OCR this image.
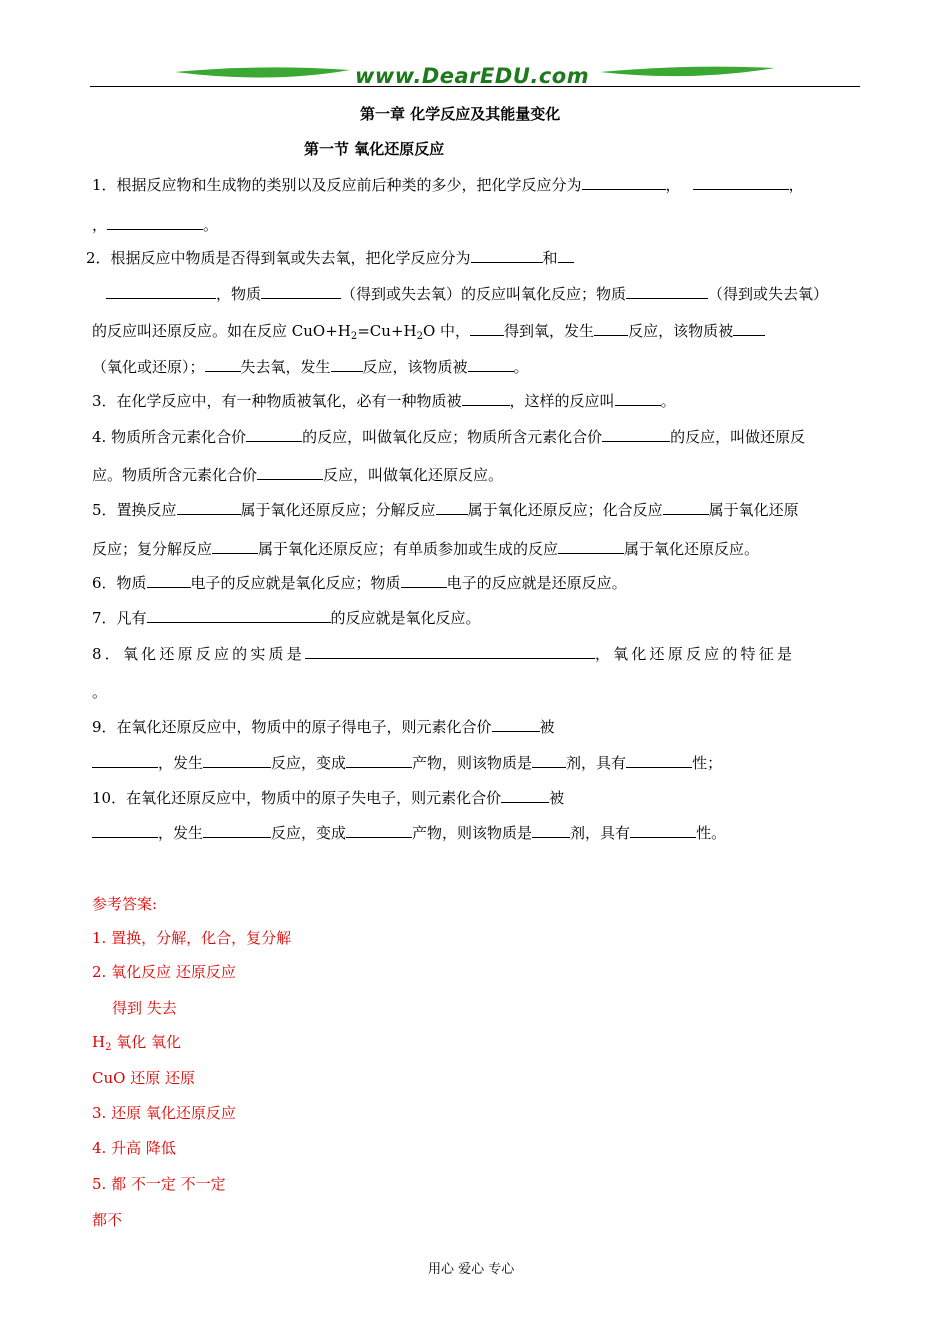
www.DearEDU.com
第一章 化学反应及其能量变化
第一节 氧化还原反应
1．根据反应物和生成物的类别以及反应前后种类的多少，把化学反应分为	，	，
，	。
2．根据反应中物质是否得到氧或失去氧，把化学反应分为	和
，物质	（得到或失去氧）的反应叫氧化反应；物质	（得到或失去氧）
的反应叫还原反应。如在反应 $CuO+H_2=Cu+H_2O$ 中， 得到氧，发生 反应，该物质被
（氧化或还原）； 失去氧，发生 反应，该物质被	。
3．在化学反应中，有一种物质被氧化，必有一种物质被	，这样的反应叫	。
4. 物质所含元素化合价	的反应，叫做氧化反应；物质所含元素化合价	的反应，叫做还原反
应。物质所含元素化合价	反应，叫做氧化还原反应。
5．置换反应	属于氧化还原反应；分解反应 属于氧化还原反应；化合反应	属于氧化还原
反应；复分解反应	属于氧化还原反应；有单质参加或生成的反应	属于氧化还原反应。
6．物质	电子的反应就是氧化反应；物质	电子的反应就是还原反应。
7．凡有	的反应就是氧化反应。
8．氧化还原反应的实质是	，氧化还原反应的特征是
。
9．在氧化还原反应中，物质中的原子得电子，则元素化合价	被
，发生	反应，变成	产物，则该物质是 剂，具有	性；
10．在氧化还原反应中，物质中的原子失电子，则元素化合价	被
，发生	反应，变成	产物，则该物质是	剂，具有	性。
参考答案:
1. 置换，分解，化合，复分解
2. 氧化反应 还原反应
得到 失去
$H_2$ 氧化 氧化
CuO 还原 还原
3. 还原 氧化还原反应
4. 升高 降低
5. 都 不一定 不一定
都不
用心 爱心 专心
